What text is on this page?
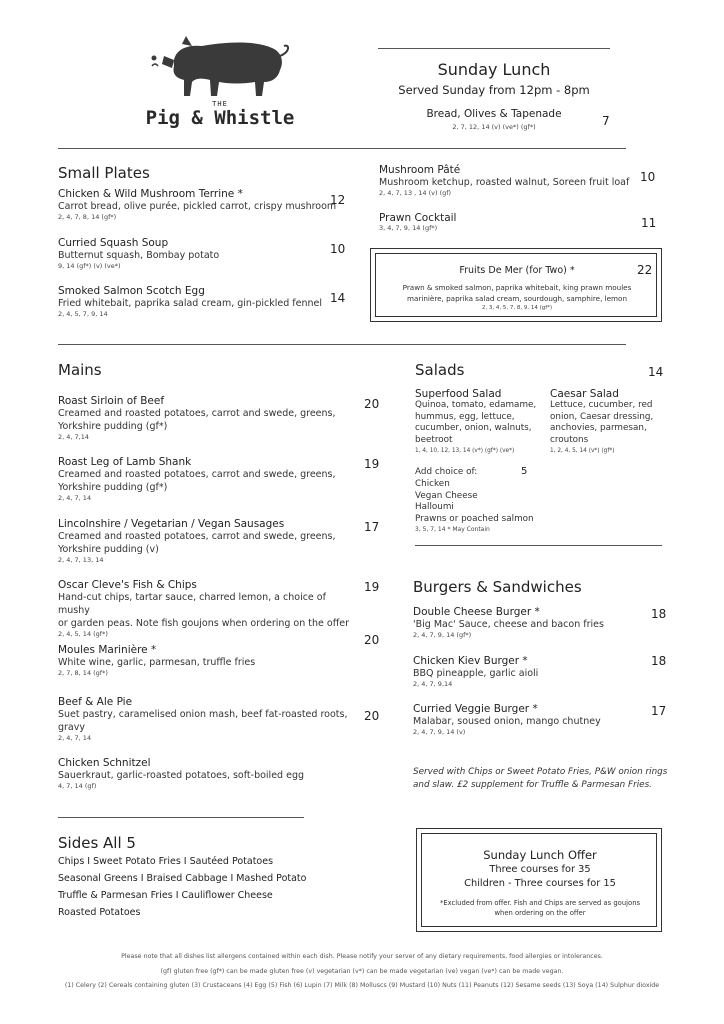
THE
Pig & Whistle
Sunday Lunch
Served Sunday from 12pm - 8pm
Bread, Olives & Tapenade
2, 7, 12, 14 (v) (ve*) (gf*)	7
Small Plates
Chicken & Wild Mushroom Terrine *
Carrot bread, olive purée, pickled carrot, crispy mushroom
2, 4, 7, 8, 14 (gf*)
12
Curried Squash Soup
Butternut squash, Bombay potato
9, 14 (gf*) (v) (ve*)
10
Smoked Salmon Scotch Egg
Fried whitebait, paprika salad cream, gin-pickled fennel
2, 4, 5, 7, 9, 14
14
Mushroom Pâté
Mushroom ketchup, roasted walnut, Soreen fruit loaf
2, 4, 7, 13 , 14 (v) (gf)
10
Prawn Cocktail
3, 4, 7, 9, 14 (gf*)	11
Fruits De Mer (for Two) *	22
Prawn & smoked salmon, paprika whitebait, king prawn moules
marinière, paprika salad cream, sourdough, samphire, lemon
2, 3, 4, 5, 7, 8, 9, 14 (gf*)
Mains
Roast Sirloin of Beef
Creamed and roasted potatoes, carrot and swede, greens,
Yorkshire pudding (gf*)
2, 4, 7,14
20
Roast Leg of Lamb Shank
Creamed and roasted potatoes, carrot and swede, greens,
Yorkshire pudding (gf*)
2, 4, 7, 14
19
Lincolnshire / Vegetarian / Vegan Sausages
Creamed and roasted potatoes, carrot and swede, greens,
Yorkshire pudding (v)
2, 4, 7, 13, 14
17
Oscar Cleve's Fish & Chips
Hand-cut chips, tartar sauce, charred lemon, a choice of mushy
or garden peas. Note fish goujons when ordering on the offer
2, 4, 5, 14 (gf*)
19
Moules Marinière *
White wine, garlic, parmesan, truffle fries
2, 7, 8, 14 (gf*)
20
Beef & Ale Pie
Suet pastry, caramelised onion mash, beef fat-roasted roots,
gravy
2, 4, 7, 14
20
Chicken Schnitzel
Sauerkraut, garlic-roasted potatoes, soft-boiled egg
4, 7, 14 (gf)
Salads	14
Superfood Salad
Quinoa, tomato, edamame,
hummus, egg, lettuce,
cucumber, onion, walnuts,
beetroot
1, 4, 10, 12, 13, 14 (v*) (gf*) (ve*)
Caesar Salad
Lettuce, cucumber, red
onion, Caesar dressing,
anchovies, parmesan,
croutons
1, 2, 4, 5, 14 (v*) (gf*)
Add choice of:
Chicken
Vegan Cheese
Halloumi
Prawns or poached salmon
3, 5, 7, 14 * May Contain
5
Burgers & Sandwiches
Double Cheese Burger *
'Big Mac' Sauce, cheese and bacon fries
2, 4, 7, 9, 14 (gf*)
18
Chicken Kiev Burger *
BBQ pineapple, garlic aioli
2, 4, 7, 9,14
18
Curried Veggie Burger *
Malabar, soused onion, mango chutney
2, 4, 7, 9, 14 (v)
17
Served with Chips or Sweet Potato Fries, P&W onion rings
and slaw. £2 supplement for Truffle & Parmesan Fries.
Sides All 5
Chips I Sweet Potato Fries I Sautéed Potatoes
Seasonal Greens I Braised Cabbage I Mashed Potato
Truffle & Parmesan Fries I Cauliflower Cheese
Roasted Potatoes
Sunday Lunch Offer
Three courses for 35
Children - Three courses for 15
*Excluded from offer. Fish and Chips are served as goujons
when ordering on the offer
Please note that all dishes list allergens contained within each dish. Please notify your server of any dietary requirements, food allergies or intolerances.
(gf) gluten free (gf*) can be made gluten free (v) vegetarian (v*) can be made vegetarian (ve) vegan (ve*) can be made vegan.
(1) Celery (2) Cereals containing gluten (3) Crustaceans (4) Egg (5) Fish (6) Lupin (7) Milk (8) Molluscs (9) Mustard (10) Nuts (11) Peanuts (12) Sesame seeds (13) Soya (14) Sulphur dioxide
